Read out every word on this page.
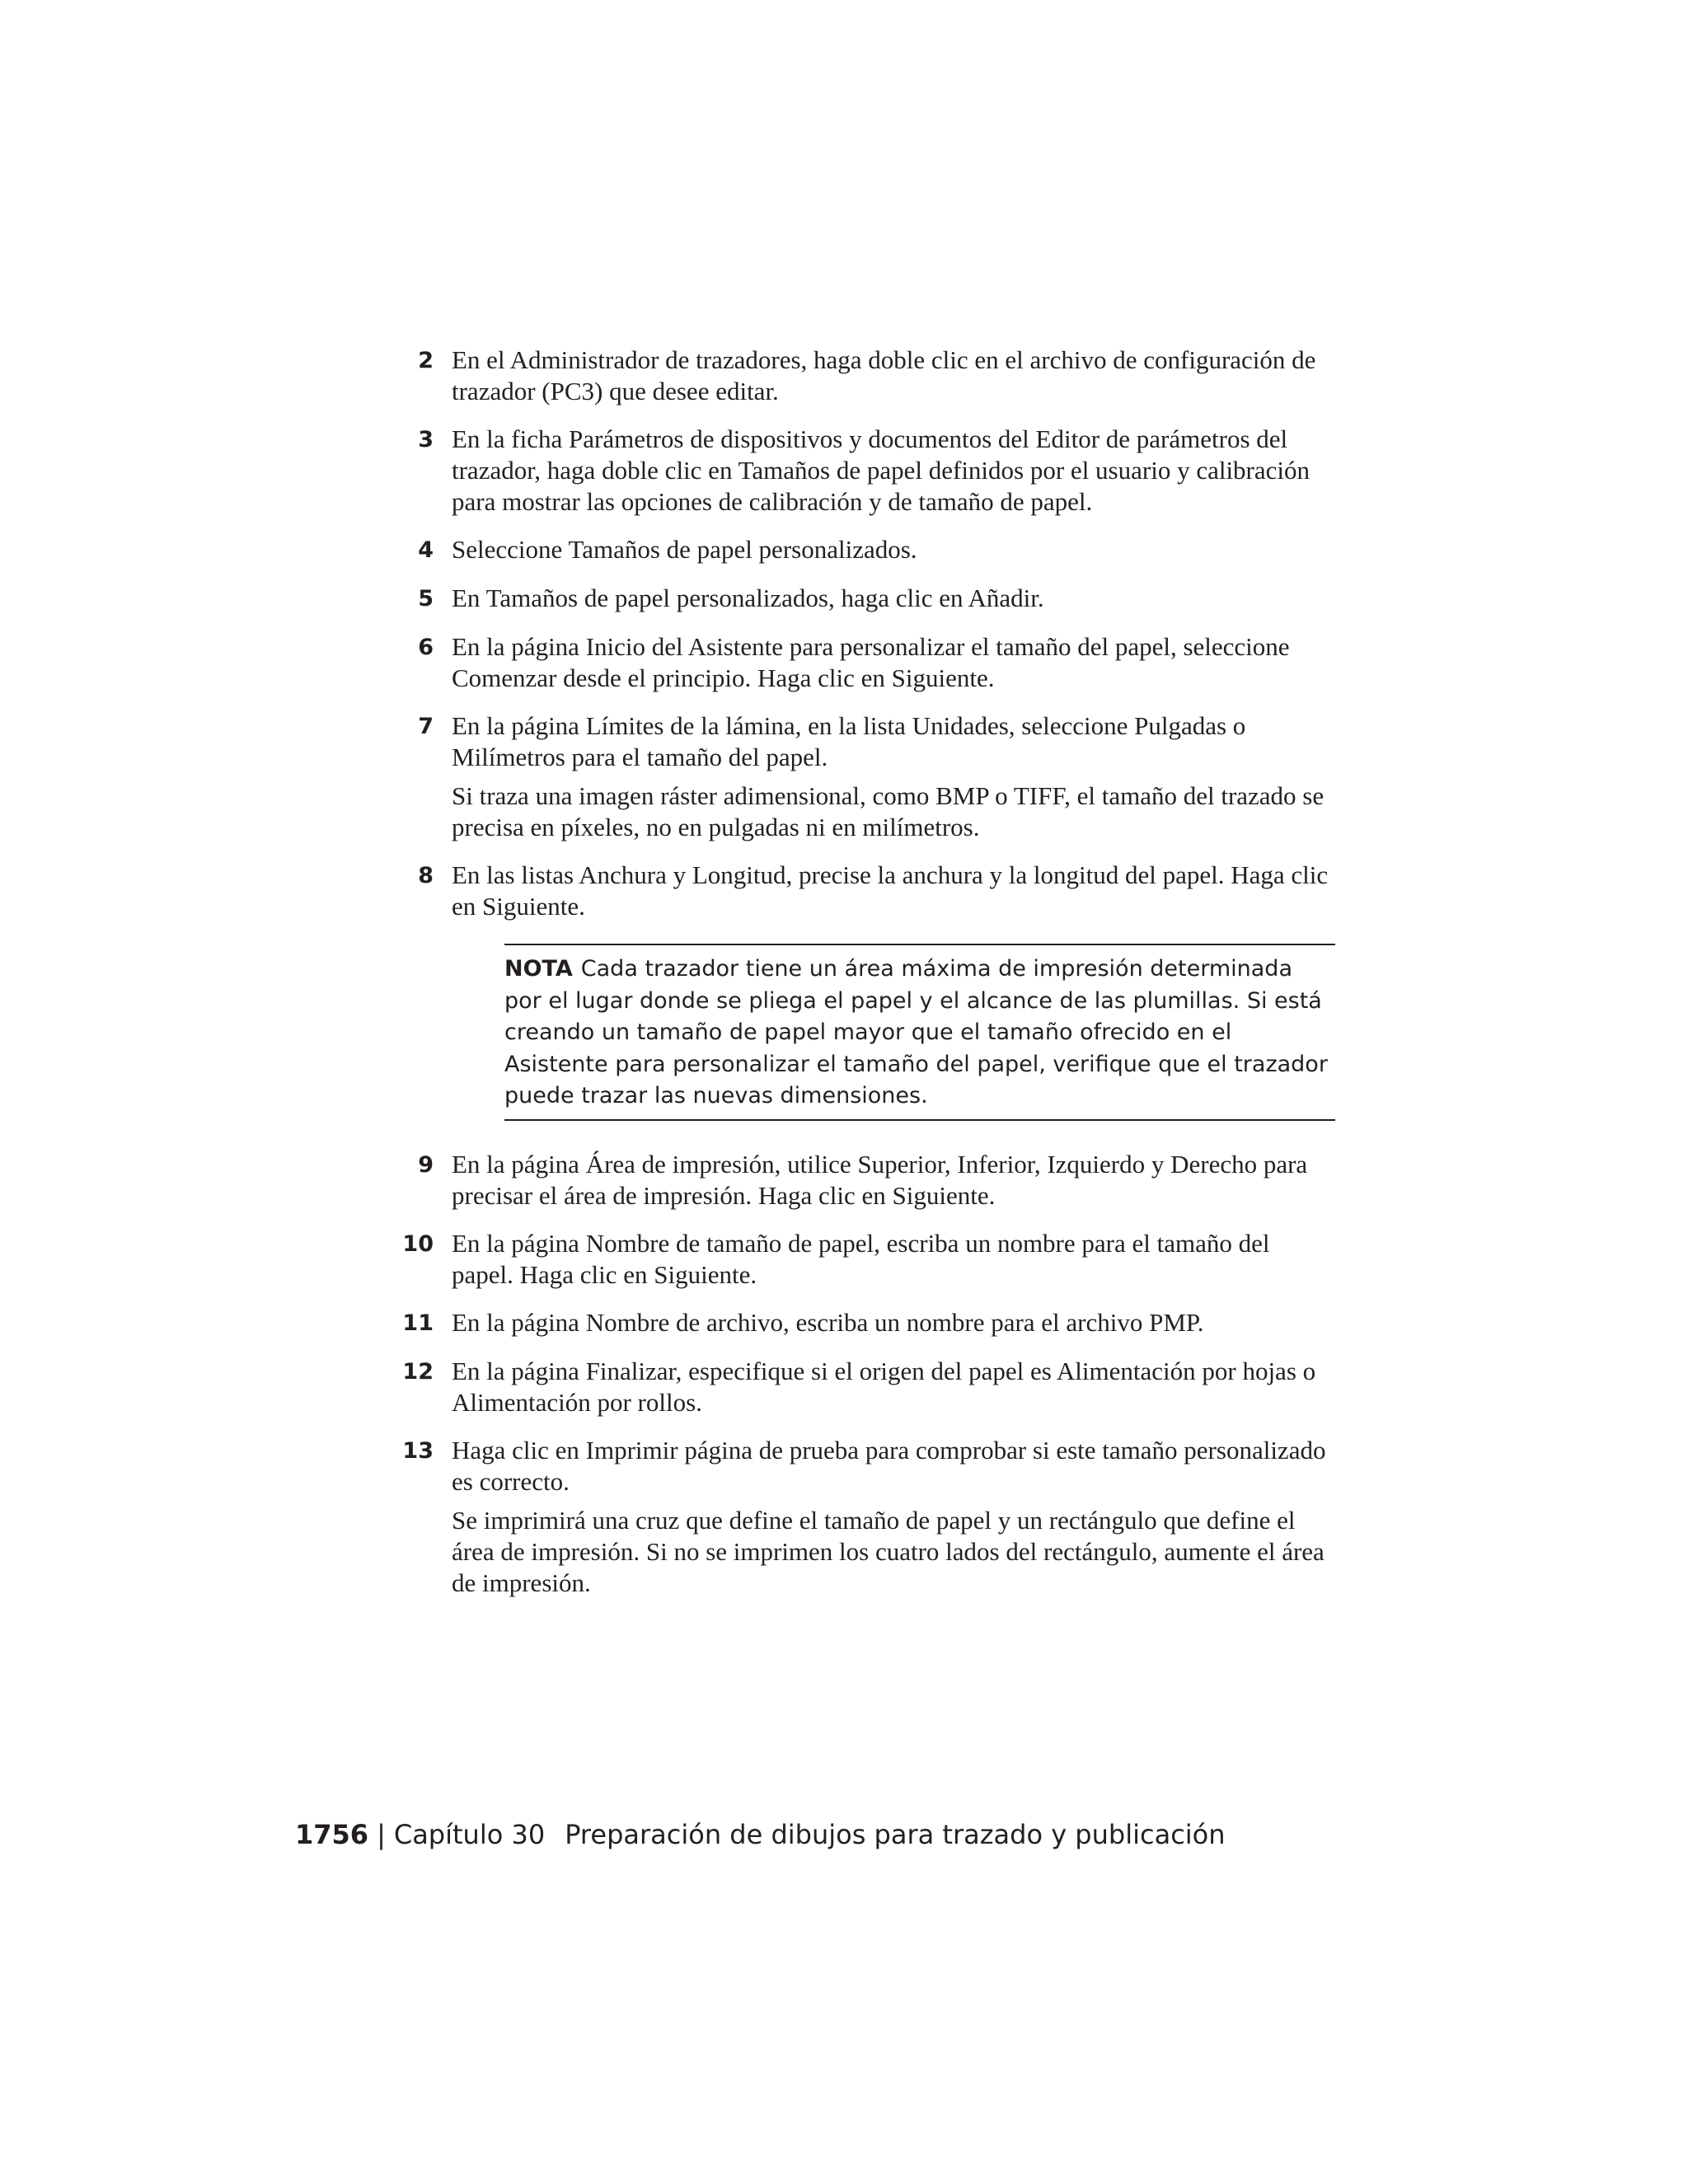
2 En el Administrador de trazadores, haga doble clic en el archivo de configuración de trazador (PC3) que desee editar.

3 En la ficha Parámetros de dispositivos y documentos del Editor de parámetros del trazador, haga doble clic en Tamaños de papel definidos por el usuario y calibración para mostrar las opciones de calibración y de tamaño de papel.

4 Seleccione Tamaños de papel personalizados.

5 En Tamaños de papel personalizados, haga clic en Añadir.

6 En la página Inicio del Asistente para personalizar el tamaño del papel, seleccione Comenzar desde el principio. Haga clic en Siguiente.

7 En la página Límites de la lámina, en la lista Unidades, seleccione Pulgadas o Milímetros para el tamaño del papel.

Si traza una imagen ráster adimensional, como BMP o TIFF, el tamaño del trazado se precisa en píxeles, no en pulgadas ni en milímetros.

8 En las listas Anchura y Longitud, precise la anchura y la longitud del papel. Haga clic en Siguiente.

NOTA Cada trazador tiene un área máxima de impresión determinada por el lugar donde se pliega el papel y el alcance de las plumillas. Si está creando un tamaño de papel mayor que el tamaño ofrecido en el Asistente para personalizar el tamaño del papel, verifique que el trazador puede trazar las nuevas dimensiones.
9 En la página Área de impresión, utilice Superior, Inferior, Izquierdo y Derecho para precisar el área de impresión. Haga clic en Siguiente.

10 En la página Nombre de tamaño de papel, escriba un nombre para el tamaño del papel. Haga clic en Siguiente.

11 En la página Nombre de archivo, escriba un nombre para el archivo PMP.

12 En la página Finalizar, especifique si el origen del papel es Alimentación por hojas o Alimentación por rollos.

13 Haga clic en Imprimir página de prueba para comprobar si este tamaño personalizado es correcto.

Se imprimirá una cruz que define el tamaño de papel y un rectángulo que define el área de impresión. Si no se imprimen los cuatro lados del rectángulo, aumente el área de impresión.

1756 | Capítulo 30 Preparación de dibujos para trazado y publicación
